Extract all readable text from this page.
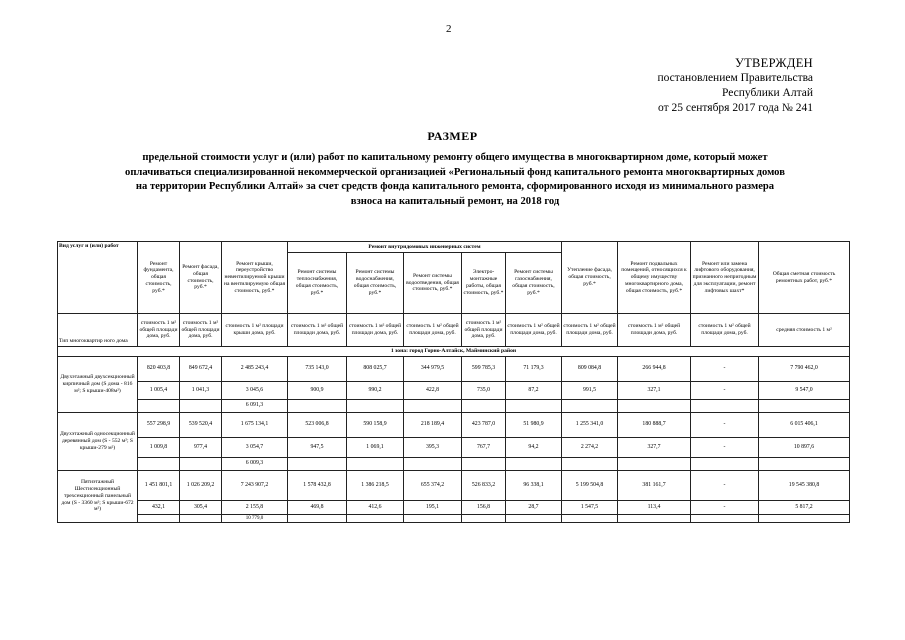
2
УТВЕРЖДЕН
постановлением Правительства
Республики Алтай
от 25 сентября 2017 года № 241
РАЗМЕР
предельной стоимости услуг и (или) работ по капитальному ремонту общего имущества в многоквартирном доме, который может
оплачиваться специализированной некоммерческой организацией «Региональный фонд капитального ремонта многоквартирных домов
на территории Республики Алтай» за счет средств фонда капитального ремонта, сформированного исходя из минимального размера
взноса на капитальный ремонт, на 2018 год
Вид услуг и (или) работ	Ремонт фундамента, общая стоимость, руб.*	Ремонт фасада, общая стоимость, руб.*	Ремонт крыши, переустройство невентилируемой крыши на вентилируемую общая стоимость, руб.*	Ремонт внутридомовых инженерных систем					Утепление фасада, общая стоимость, руб.*	Ремонт подвальных помещений, относящихся к общему имуществу многоквартирного дома, общая стоимость, руб.*	Ремонт или замена лифтового оборудования, признанного непригодным для эксплуатации, ремонт лифтовых шахт*	Общая сметная стоимость ремонтных работ, руб.*
				Ремонт системы теплоснабжения, общая стоимость, руб.*	Ремонт системы водоснабжения, общая стоимость, руб.*	Ремонт системы водоотведения, общая стоимость, руб.*	Электро-монтажные работы, общая стоимость, руб.*	Ремонт системы газоснабжения, общая стоимость, руб.*				
Тип многоквартир ного дома	стоимость 1 м² общей площади дома, руб.	стоимость 1 м² общей площади дома, руб.	стоимость 1 м² площади крыши дома, руб.	стоимость 1 м² общей площади дома, руб.	стоимость 1 м² общей площади дома, руб.	стоимость 1 м² общей площади дома, руб.	стоимость 1 м² общей площади дома, руб.	стоимость 1 м² общей площади дома, руб.	стоимость 1 м² общей площади дома, руб.	стоимость 1 м² общей площади дома, руб.	стоимость 1 м² общей площади дома, руб.	средняя стоимость 1 м²
1 зона: город Горно-Алтайск, Майминский район												
Двухэтажный двухсекционный кирпичный дом (S дома - 816 м²; S крыши-408м²)	820 403,8	849 672,4	2 485 243,4	735 143,0	808 025,7	344 979,5	599 785,3	71 179,3	809 084,8	266 944,8	-	7 790 462,0
	1 005,4	1 041,3	3 045,6	900,9	990,2	422,8	735,0	87,2	991,5	327,1	-	9 547,0
			6 091,3									
Двухэтажный односекционный деревянный дом (S - 552 м²; S крыши-279 м²)	557 298,9	539 520,4	1 675 134,1	523 006,8	590 158,9	218 189,4	423 787,0	51 980,9	1 255 341,0	180 888,7	-	6 015 406,1
	1 009,8	977,4	3 054,7	947,5	1 069,1	395,3	767,7	94,2	2 274,2	327,7	-	10 897,6
			6 009,3									
Пятиэтажный Шестисекционный трехсекционный панельный дом (S - 3360 м²; S крыши-672 м²)	1 451 801,1	1 026 209,2	7 243 907,2	1 578 432,8	1 386 218,5	655 374,2	526 833,2	96 338,1	5 199 504,8	381 161,7	-	19 545 380,8
	432,1	305,4	2 155,8	469,8	412,6	195,1	156,8	28,7	1 547,5	113,4	-	5 817,2
			10 779,0									
